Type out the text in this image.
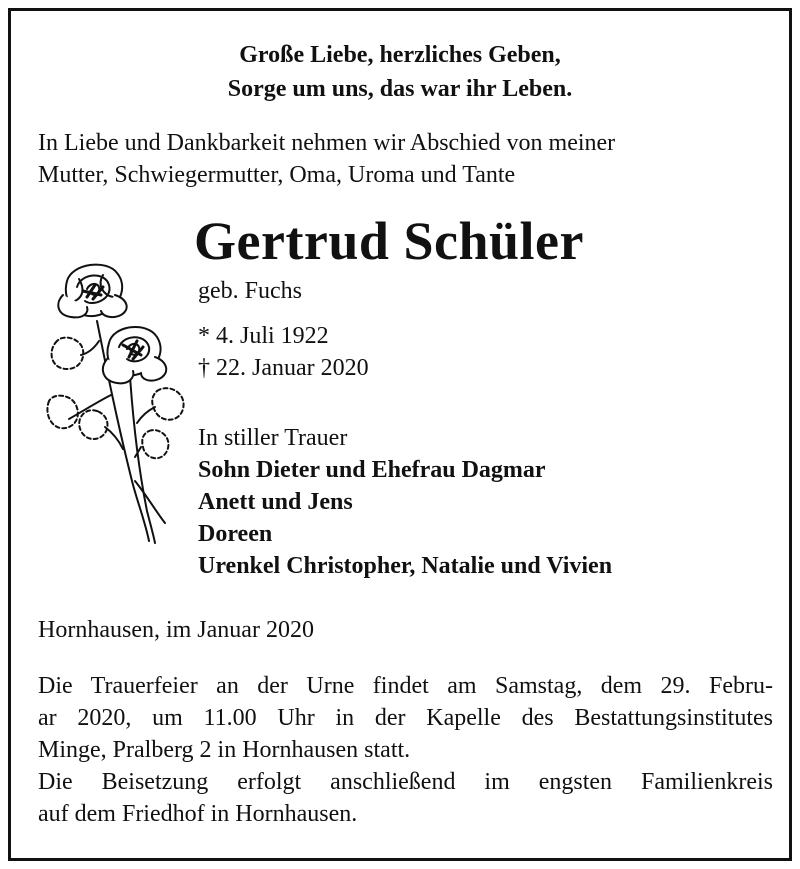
Große Liebe, herzliches Geben,
Sorge um uns, das war ihr Leben.
In Liebe und Dankbarkeit nehmen wir Abschied von meiner
Mutter, Schwiegermutter, Oma, Uroma und Tante
Gertrud Schüler
geb. Fuchs
* 4. Juli 1922
† 22. Januar 2020
In stiller Trauer
Sohn Dieter und Ehefrau Dagmar
Anett und Jens
Doreen
Urenkel Christopher, Natalie und Vivien
Hornhausen, im Januar 2020
Die Trauerfeier an der Urne findet am Samstag, dem 29. Febru-
ar 2020, um 11.00 Uhr in der Kapelle des Bestattungsinstitutes
Minge, Pralberg 2 in Hornhausen statt.
Die Beisetzung erfolgt anschließend im engsten Familienkreis
auf dem Friedhof in Hornhausen.
